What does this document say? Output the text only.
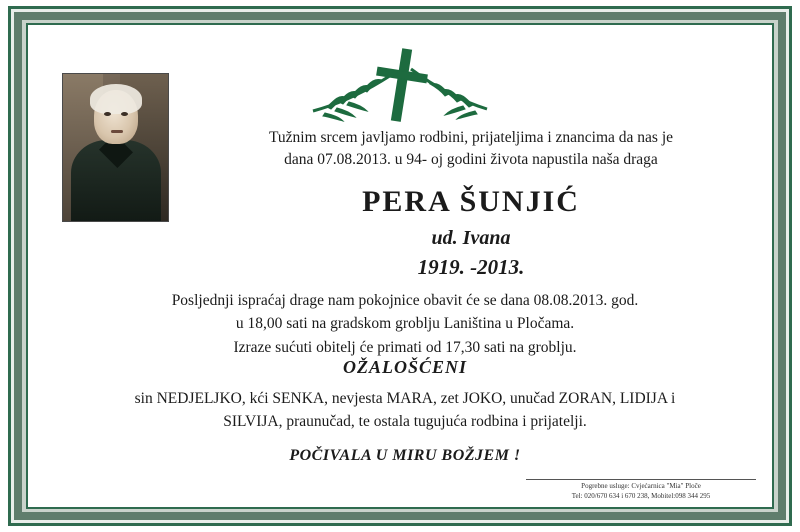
Tužnim srcem javljamo rodbini, prijateljima i znancima da nas je
dana 07.08.2013. u 94- oj godini života napustila naša draga
PERA ŠUNJIĆ
ud. Ivana
1919. -2013.
Posljednji ispraćaj drage nam pokojnice obavit će se dana 08.08.2013. god.
u 18,00 sati na gradskom groblju Laniština u Pločama.
Izraze sućuti obitelj će primati od 17,30 sati na groblju.
OŽALOŠĆENI
sin NEDJELJKO, kći SENKA, nevjesta MARA, zet JOKO, unučad ZORAN, LIDIJA i
SILVIJA, praunučad, te ostala tugujuća rodbina i prijatelji.
POČIVALA U MIRU BOŽJEM !
Pogrebne usluge: Cvjećarnica "Mia" Ploče
Tel: 020/670 634 i 670 238, Mobitel:098 344 295
